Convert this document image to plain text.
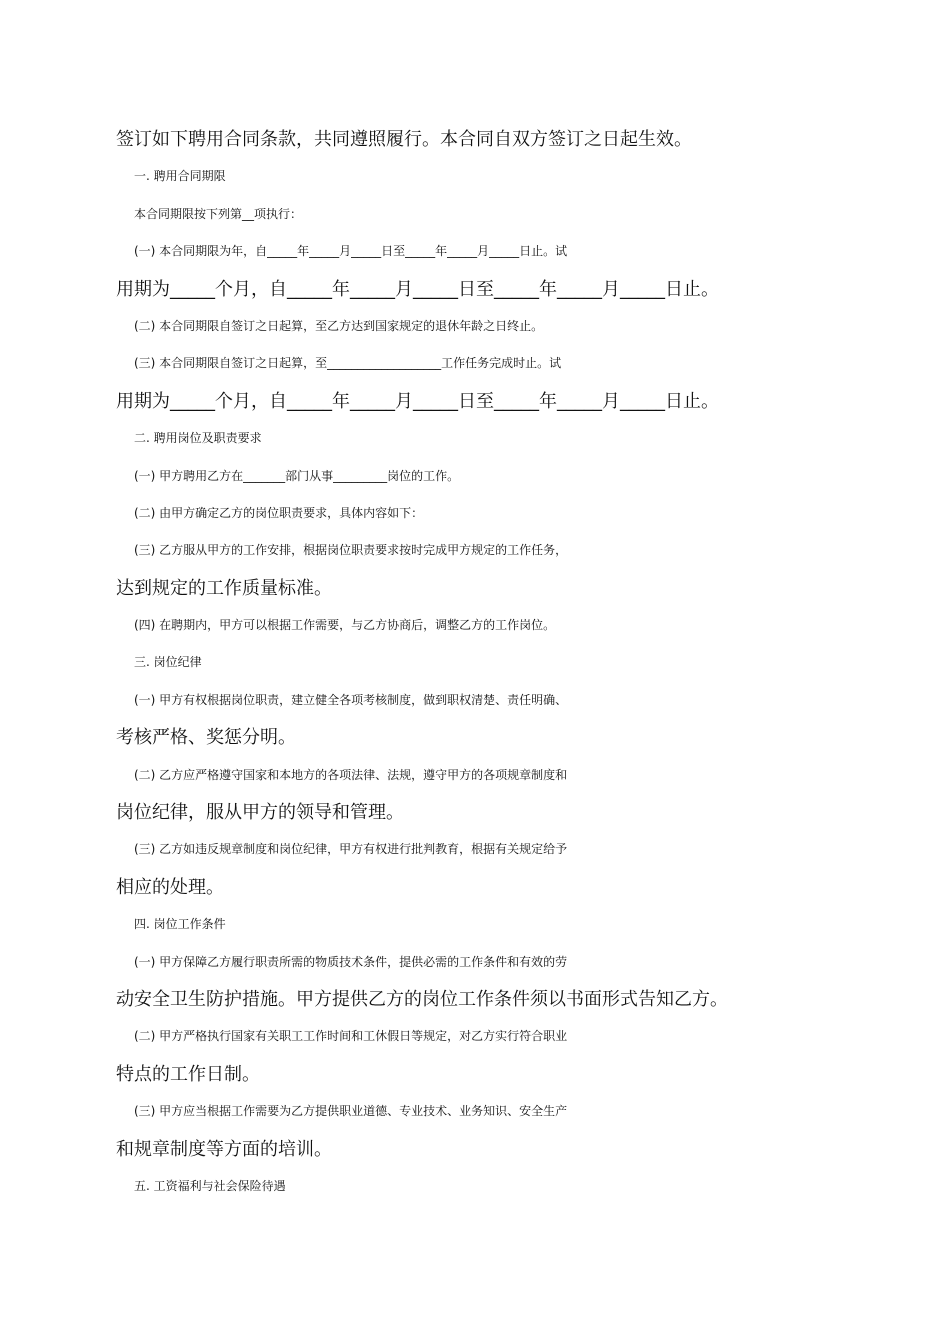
签订如下聘用合同条款，共同遵照履行。本合同自双方签订之日起生效。
一. 聘用合同期限
本合同期限按下列第__项执行：
(一) 本合同期限为年，自_____年_____月_____日至_____年_____月_____日止。试
用期为_____个月，自_____年_____月_____日至_____年_____月_____日止。
(二) 本合同期限自签订之日起算，至乙方达到国家规定的退休年龄之日终止。
(三) 本合同期限自签订之日起算，至___________________工作任务完成时止。试
用期为_____个月，自_____年_____月_____日至_____年_____月_____日止。
二. 聘用岗位及职责要求
(一) 甲方聘用乙方在_______部门从事_________岗位的工作。
(二) 由甲方确定乙方的岗位职责要求，具体内容如下：
(三) 乙方服从甲方的工作安排，根据岗位职责要求按时完成甲方规定的工作任务，
达到规定的工作质量标准。
(四) 在聘期内，甲方可以根据工作需要，与乙方协商后，调整乙方的工作岗位。
三. 岗位纪律
(一) 甲方有权根据岗位职责，建立健全各项考核制度，做到职权清楚、责任明确、
考核严格、奖惩分明。
(二) 乙方应严格遵守国家和本地方的各项法律、法规，遵守甲方的各项规章制度和
岗位纪律，服从甲方的领导和管理。
(三) 乙方如违反规章制度和岗位纪律，甲方有权进行批判教育，根据有关规定给予
相应的处理。
四. 岗位工作条件
(一) 甲方保障乙方履行职责所需的物质技术条件，提供必需的工作条件和有效的劳
动安全卫生防护措施。甲方提供乙方的岗位工作条件须以书面形式告知乙方。
(二) 甲方严格执行国家有关职工工作时间和工休假日等规定，对乙方实行符合职业
特点的工作日制。
(三) 甲方应当根据工作需要为乙方提供职业道德、专业技术、业务知识、安全生产
和规章制度等方面的培训。
五. 工资福利与社会保险待遇
